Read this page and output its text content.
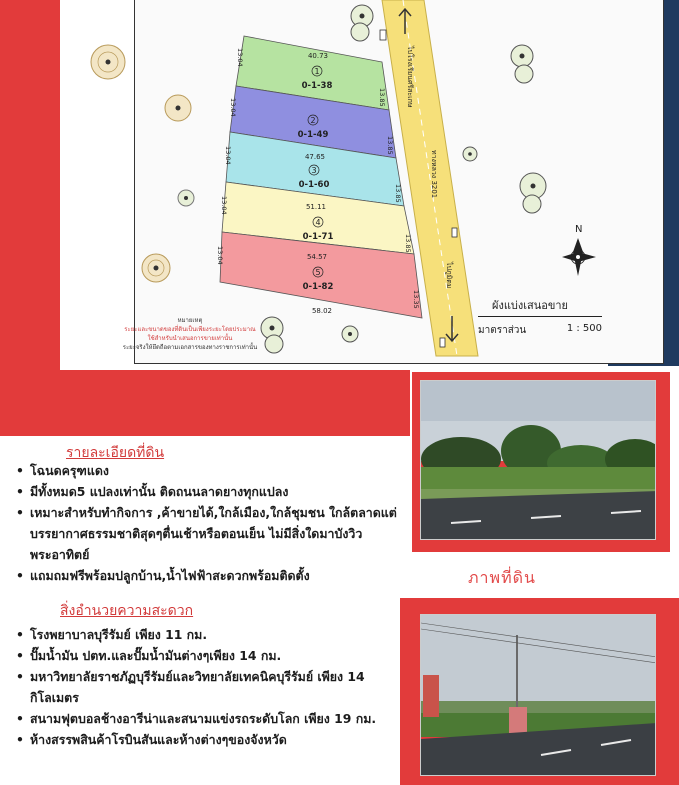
ไปโรงเรียนศรีสะเกษ
ทางหลวง 3201
ไปภูมิตม
1
0-1-38
40.73
2
0-1-49
3
0-1-60
47.65
4
0-1-71
51.11
5
0-1-82
54.57
58.02
13.04
13.04
13.04
13.04
13.04
13.85
13.85
13.85
13.85
13.35
N
หมายเหตุ
ระยะและขนาดของที่ดินเป็นเพียงระยะโดยประมาณ
ใช้สำหรับนำเสนอการขายเท่านั้น
ระยะจริงให้ยึดถือตามเอกสารของทางราชการเท่านั้น
ผังแบ่งเสนอขาย
มาตราส่วน	1 : 500
ภาพที่ดิน
รายละเอียดที่ดิน
• โฉนดครุฑแดง
• มีทั้งหมด5 แปลงเท่านั้น ติดถนนลาดยางทุกแปลง
• เหมาะสำหรับทำกิจการ ,ค้าขายได้,ใกล้เมือง,ใกล้ชุมชน ใกล้ตลาดแต่บรรยากาศธรรมชาติสุดๆตื่นเช้าหรือตอนเย็น ไม่มีสิ่งใดมาบังวิวพระอาทิตย์
• แถมถมฟรีพร้อมปลูกบ้าน,น้ำไฟฟ้าสะดวกพร้อมติดตั้ง
สิ่งอำนวยความสะดวก
• โรงพยาบาลบุรีรัมย์ เพียง 11 กม.
• ปั๊มน้ำมัน ปตท.และปั๊มน้ำมันต่างๆเพียง 14 กม.
• มหาวิทยาลัยราชภัฏบุรีรัมย์และวิทยาลัยเทคนิคบุรีรัมย์ เพียง 14 กิโลเมตร
• สนามฟุตบอลช้างอารีน่าและสนามแข่งรถระดับโลก เพียง 19 กม.
• ห้างสรรพสินค้าโรบินสันและห้างต่างๆของจังหวัด
